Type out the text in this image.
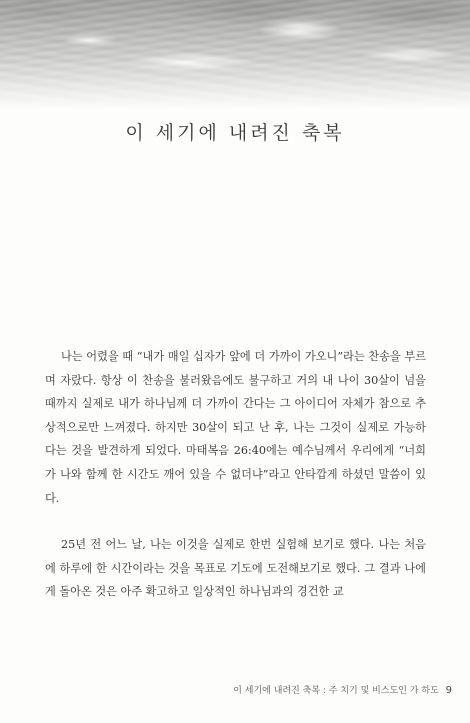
이 세기에 내려진 축복

나는 어렸을 때 “내가 매일 십자가 앞에 더 가까이 가오니”라는 찬송을 부르며 자랐다. 항상 이 찬송을 불러왔음에도 불구하고 거의 내 나이 30살이 넘을 때까지 실제로 내가 하나님께 더 가까이 간다는 그 아이디어 자체가 참으로 추상적으로만 느껴졌다. 하지만 30살이 되고 난 후, 나는 그것이 실제로 가능하다는 것을 발견하게 되었다. 마태복음 26:40에는 예수님께서 우리에게 “너희가 나와 함께 한 시간도 깨어 있을 수 없더냐”라고 안타깝게 하셨던 말씀이 있다.

25년 전 어느 날, 나는 이것을 실제로 한번 실험해 보기로 했다. 나는 처음에 하루에 한 시간이라는 것을 목표로 기도에 도전해보기로 했다. 그 결과 나에게 돌아온 것은 아주 확고하고 일상적인 하나님과의 경건한 교

이 세기에 내려진 축복 : 주 치기 및 비스도인 가 하도 9
